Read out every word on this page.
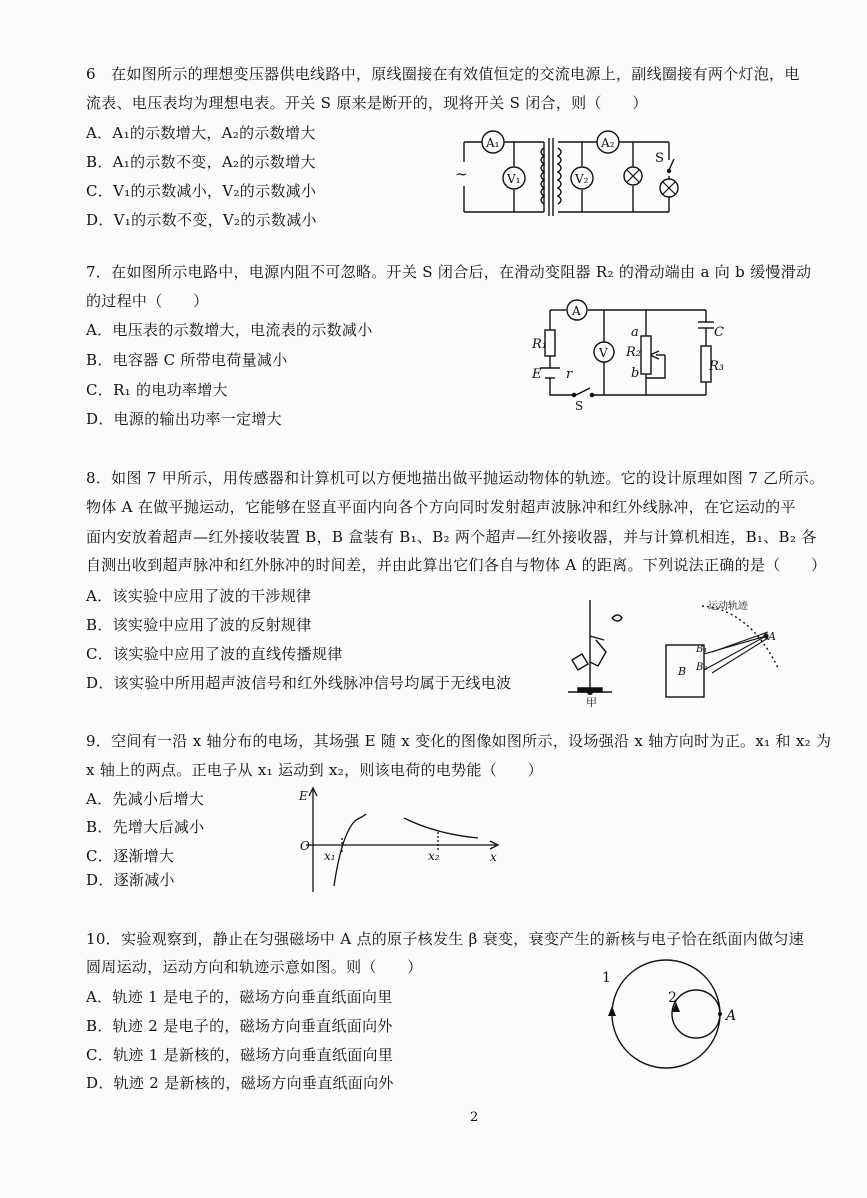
6　在如图所示的理想变压器供电线路中，原线圈接在有效值恒定的交流电源上，副线圈接有两个灯泡，电
流表、电压表均为理想电表。开关 S 原来是断开的，现将开关 S 闭合，则（　　）
A．A₁的示数增大，A₂的示数增大
B．A₁的示数不变，A₂的示数增大
C．V₁的示数减小，V₂的示数减小
D．V₁的示数不变，V₂的示数减小
~
A₁
V₁	V₂
A₂
S
7．在如图所示电路中，电源内阻不可忽略。开关 S 闭合后，在滑动变阻器 R₂ 的滑动端由 a 向 b 缓慢滑动
的过程中（　　）
A．电压表的示数增大，电流表的示数减小
B．电容器 C 所带电荷量减小
C．R₁ 的电功率增大
D．电源的输出功率一定增大
A
V
R₁
E r
R₂
a
b
C
R₃
S
8．如图 7 甲所示，用传感器和计算机可以方便地描出做平抛运动物体的轨迹。它的设计原理如图 7 乙所示。
物体 A 在做平抛运动，它能够在竖直平面内向各个方向同时发射超声波脉冲和红外线脉冲，在它运动的平
面内安放着超声—红外接收装置 B，B 盒装有 B₁、B₂ 两个超声—红外接收器，并与计算机相连，B₁、B₂ 各
自测出收到超声脉冲和红外脉冲的时间差，并由此算出它们各自与物体 A 的距离。下列说法正确的是（　　）
A．该实验中应用了波的干涉规律
B．该实验中应用了波的反射规律
C．该实验中应用了波的直线传播规律
D．该实验中所用超声波信号和红外线脉冲信号均属于无线电波
甲
运动轨迹
B
B₁
B₂
A
9．空间有一沿 x 轴分布的电场，其场强 E 随 x 变化的图像如图所示，设场强沿 x 轴方向时为正。x₁ 和 x₂ 为
x 轴上的两点。正电子从 x₁ 运动到 x₂，则该电荷的电势能（　　）
A．先减小后增大
B．先增大后减小
C．逐渐增大
D．逐渐减小
E
O
x
x₁	x₂
10．实验观察到，静止在匀强磁场中 A 点的原子核发生 β 衰变，衰变产生的新核与电子恰在纸面内做匀速
圆周运动，运动方向和轨迹示意如图。则（　　）
A．轨迹 1 是电子的，磁场方向垂直纸面向里
B．轨迹 2 是电子的，磁场方向垂直纸面向外
C．轨迹 1 是新核的，磁场方向垂直纸面向里
D．轨迹 2 是新核的，磁场方向垂直纸面向外
1
2
A
2
